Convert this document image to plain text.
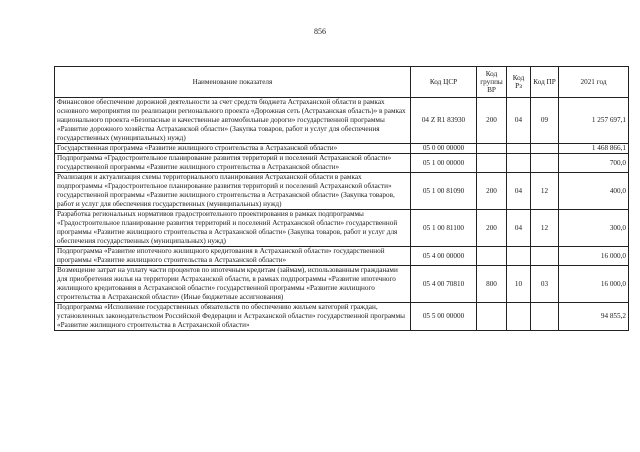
856
Наименование показателя	Код ЦСР	Код группы ВР	Код Рз	Код ПР	2021 год
Финансовое обеспечение дорожной деятельности за счет средств бюджета Астраханской области в рамках основного мероприятия по реализации регионального проекта «Дорожная сеть (Астраханская область)» в рамках национального проекта «Безопасные и качественные автомобильные дороги» государственной программы «Развитие дорожного хозяйства Астраханской области» (Закупка товаров, работ и услуг для обеспечения государственных (муниципальных) нужд)	04 Z R1 83930	200	04	09	1 257 697,1
Государственная программа «Развитие жилищного строительства в Астраханской области»	05 0 00 00000				1 468 866,1
Подпрограмма «Градостроительное планирование развития территорий и поселений Астраханской области» государственной программы «Развитие жилищного строительства в Астраханской области»	05 1 00 00000				700,0
Реализация и актуализация схемы территориального планирования Астраханской области в рамках подпрограммы «Градостроительное планирование развития территорий и поселений Астраханской области» государственной программы «Развитие жилищного строительства в Астраханской области» (Закупка товаров, работ и услуг для обеспечения государственных (муниципальных) нужд)	05 1 00 81090	200	04	12	400,0
Разработка региональных нормативов градостроительного проектирования в рамках подпрограммы «Градостроительное планирование развития территорий и поселений Астраханской области» государственной программы «Развитие жилищного строительства в Астраханской области» (Закупка товаров, работ и услуг для обеспечения государственных (муниципальных) нужд)	05 1 00 81100	200	04	12	300,0
Подпрограмма «Развитие ипотечного жилищного кредитования в Астраханской области» государственной программы «Развитие жилищного строительства в Астраханской области»	05 4 00 00000				16 000,0
Возмещение затрат на уплату части процентов по ипотечным кредитам (займам), использованным гражданами для приобретения жилья на территории Астраханской области, в рамках подпрограммы «Развитие ипотечного жилищного кредитования в Астраханской области» государственной программы «Развитие жилищного строительства в Астраханской области» (Иные бюджетные ассигнования)	05 4 00 70810	800	10	03	16 000,0
Подпрограмма «Исполнение государственных обязательств по обеспечению жильем категорий граждан, установленных законодательством Российской Федерации и Астраханской области» государственной программы «Развитие жилищного строительства в Астраханской области»	05 5 00 00000				94 855,2
